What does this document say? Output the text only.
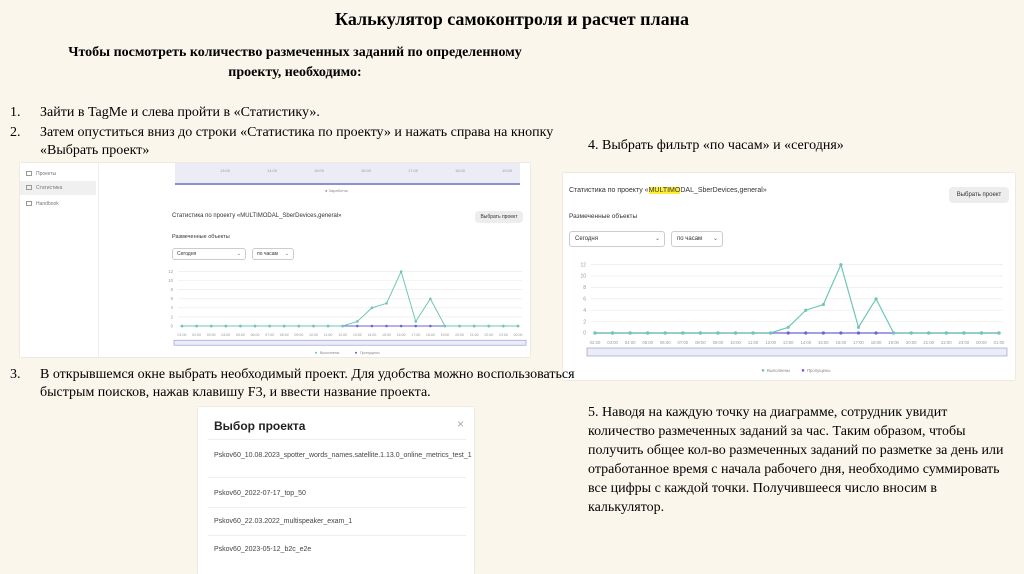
Калькулятор самоконтроля и расчет плана
Чтобы посмотреть количество размеченных заданий по определенному проекту, необходимо:
1. Зайти в TagMe и слева пройти в «Статистику».
2. Затем опуститься вниз до строки «Статистика по проекту» и нажать справа на кнопку «Выбрать проект»
Проекты
Статистика
Handbook
13:00	14:00	15:00	16:00	17:00	18:00	19:00
● Заработок
Статистика по проекту «MULTIMODAL_SberDevices,general»	Выбрать проект
Размеченные объекты
Сегодня	⌄	по часам ⌄
0
2
4
6
8
10
12
01:00 02:00 03:00 04:00 05:00 06:00 07:00 08:00 09:00 10:00 11:00 12:00 13:00 14:00 15:00 16:00 17:00 18:00 19:00 20:00 21:00 22:00 23:00 00:00
Выполнены	Пропущены
4. Выбрать фильтр «по часам» и «сегодня»
Статистика по проекту «MULTIMODAL_SberDevices,general»
Выбрать проект
Размеченные объекты
Сегодня	⌄	по часам ⌄
0
2
4
6
8
10
12
02:00 03:00 04:00 05:00 06:00 07:00 08:00 09:00 10:00 11:00 12:00 13:00 14:00 15:00 16:00 17:00 18:00 19:00 20:00 21:00 22:00 23:00 00:00 01:00
Выполнены	Пропущены
3. В открывшемся окне выбрать необходимый проект. Для удобства можно воспользоваться быстрым поисков, нажав клавишу F3, и ввести название проекта.
Выбор проекта	×
Pskov60_10.08.2023_spotter_words_names.satellite.1.13.0_online_metrics_test_1
Pskov60_2022-07-17_top_50
Pskov60_22.03.2022_multispeaker_exam_1
Pskov60_2023-05-12_b2c_e2e
5. Наводя на каждую точку на диаграмме, сотрудник увидит количество размеченных заданий за час. Таким образом, чтобы получить общее кол-во размеченных заданий по разметке за день или отработанное время с начала рабочего дня, необходимо суммировать все цифры с каждой точки. Получившееся число вносим в калькулятор.
